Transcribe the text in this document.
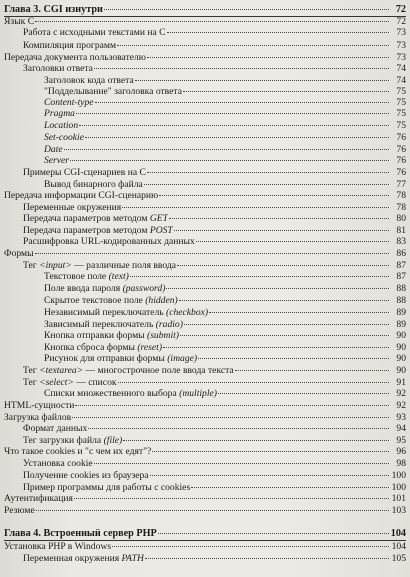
Глава 3. CGI изнутри	72
Язык С	72
Работа с исходными текстами на С	73
Компиляция программ	73
Передача документа пользователю	73
Заголовки ответа	74
Заголовок кода ответа	74
"Подделывание" заголовка ответа	75
Content-type	75
Pragma	75
Location	75
Set-cookie	76
Date	76
Server	76
Примеры CGI-сценариев на С	76
Вывод бинарного файла	77
Передача информации CGI-сценарию	78
Переменные окружения	78
Передача параметров методом GET	80
Передача параметров методом POST	81
Расшифровка URL-кодированных данных	83
Формы	86
Тег <input> — различные поля ввода	87
Текстовое поле (text)	87
Поле ввода пароля (password)	88
Скрытое текстовое поле (hidden)	88
Независимый переключатель (checkbox)	89
Зависимый переключатель (radio)	89
Кнопка отправки формы (submit)	90
Кнопка сброса формы (reset)	90
Рисунок для отправки формы (image)	90
Тег <textarea> — многострочное поле ввода текста	90
Тег <select> — список	91
Списки множественного выбора (multiple)	92
HTML-сущности	92
Загрузка файлов	93
Формат данных	94
Тег загрузки файла (file)	95
Что такое cookies и "с чем их едят"?	96
Установка cookie	98
Получение cookies из браузера	100
Пример программы для работы с cookies	100
Аутентификация	101
Резюме	103
Глава 4. Встроенный сервер PHP	104
Установка PHP в Windows	104
Переменная окружения PATH	105
